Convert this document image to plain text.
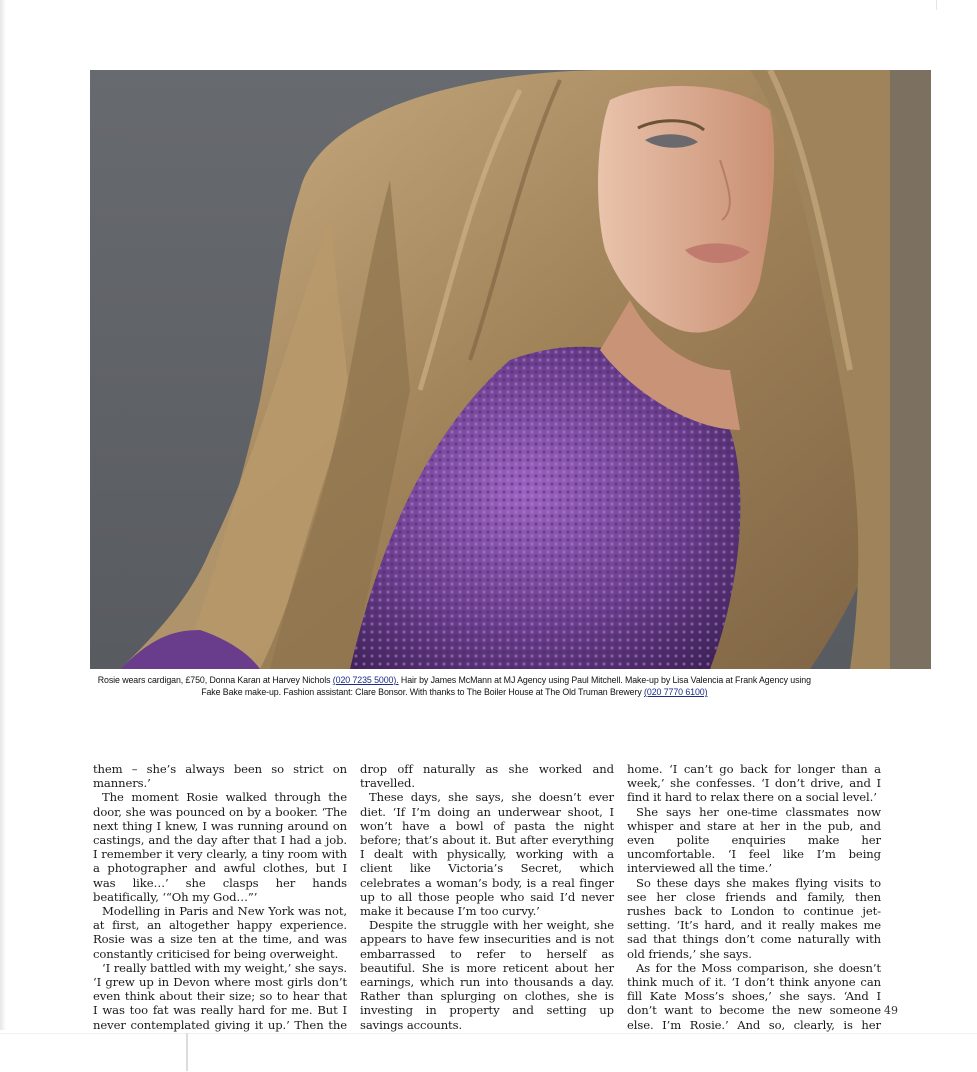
Rosie wears cardigan, £750, Donna Karan at Harvey Nichols (020 7235 5000). Hair by James McMann at MJ Agency using Paul Mitchell. Make-up by Lisa Valencia at Frank Agency using
Fake Bake make-up. Fashion assistant: Clare Bonsor. With thanks to The Boiler House at The Old Truman Brewery (020 7770 6100)

them – she’s always been so strict on manners.’

The moment Rosie walked through the door, she was pounced on by a booker. ‘The next thing I knew, I was running around on castings, and the day after that I had a job. I remember it very clearly, a tiny room with a photographer and awful clothes, but I was like…’ she clasps her hands beatifically, ‘“Oh my God…”’

Modelling in Paris and New York was not, at first, an altogether happy experience. Rosie was a size ten at the time, and was constantly criticised for being overweight.

‘I really battled with my weight,’ she says. ‘I grew up in Devon where most girls don’t even think about their size; so to hear that I was too fat was really hard for me. But I never contemplated giving it up.’ Then the

drop off naturally as she worked and travelled.

These days, she says, she doesn’t ever diet. ‘If I’m doing an underwear shoot, I won’t have a bowl of pasta the night before; that’s about it. But after everything I dealt with physically, working with a client like Victoria’s Secret, which celebrates a woman’s body, is a real finger up to all those people who said I’d never make it because I’m too curvy.’

Despite the struggle with her weight, she appears to have few insecurities and is not embarrassed to refer to herself as beautiful. She is more reticent about her earnings, which run into thousands a day. Rather than splurging on clothes, she is investing in property and setting up savings accounts.

home. ‘I can’t go back for longer than a week,’ she confesses. ‘I don’t drive, and I find it hard to relax there on a social level.’

She says her one-time classmates now whisper and stare at her in the pub, and even polite enquiries make her uncomfortable. ‘I feel like I’m being interviewed all the time.’

So these days she makes flying visits to see her close friends and family, then rushes back to London to continue jet-setting. ‘It’s hard, and it really makes me sad that things don’t come naturally with old friends,’ she says.

As for the Moss comparison, she doesn’t think much of it. ‘I don’t think anyone can fill Kate Moss’s shoes,’ she says. ‘And I don’t want to become the new someone else. I’m Rosie.’ And so, clearly, is her

49
